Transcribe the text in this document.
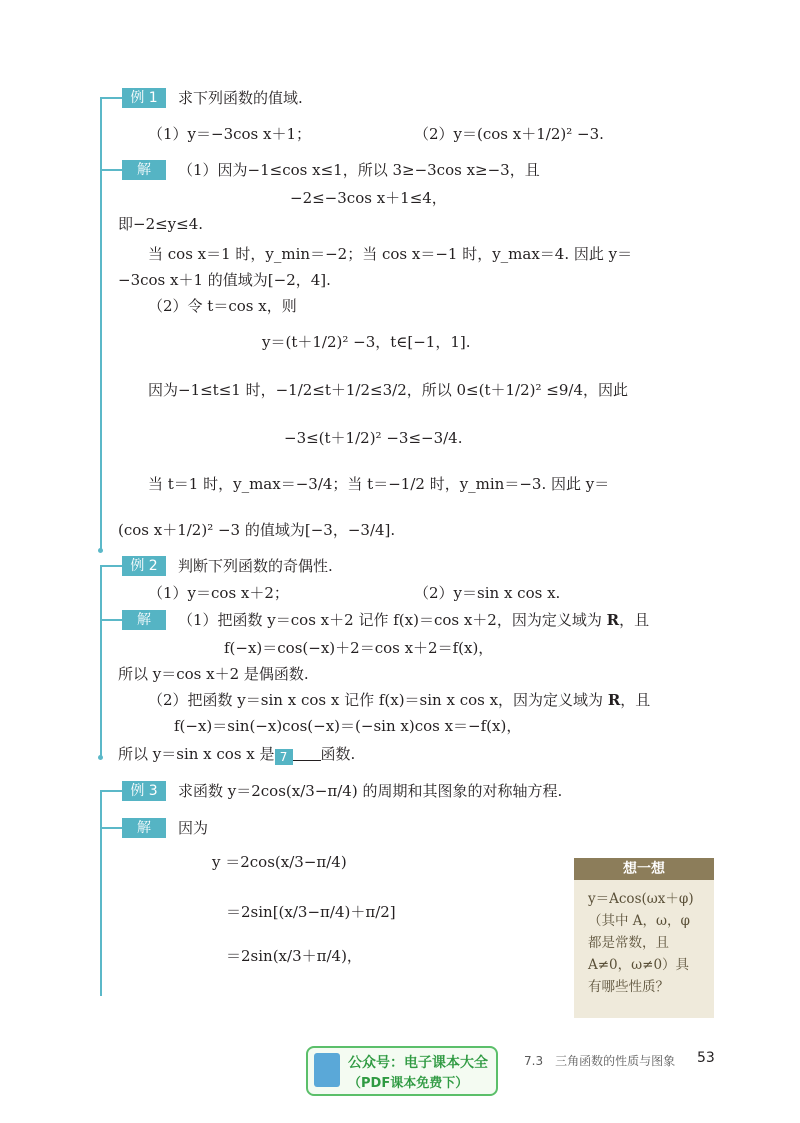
例 1	求下列函数的值域.
（1）y＝−3cos x＋1；	（2）y＝(cos x＋1/2)² −3.
解	（1）因为−1≤cos x≤1，所以 3≥−3cos x≥−3，且
−2≤−3cos x＋1≤4，
即−2≤y≤4.
当 cos x＝1 时，y_min＝−2；当 cos x＝−1 时，y_max＝4. 因此 y＝
−3cos x＋1 的值域为[−2，4].
（2）令 t＝cos x，则
y＝(t＋1/2)² −3，t∈[−1，1].
因为−1≤t≤1 时，−1/2≤t＋1/2≤3/2，所以 0≤(t＋1/2)² ≤9/4，因此
−3≤(t＋1/2)² −3≤−3/4.
当 t＝1 时，y_max＝−3/4；当 t＝−1/2 时，y_min＝−3. 因此 y＝
(cos x＋1/2)² −3 的值域为[−3，−3/4].
例 2	判断下列函数的奇偶性.
（1）y＝cos x＋2；	（2）y＝sin x cos x.
解	（1）把函数 y＝cos x＋2 记作 f(x)＝cos x＋2，因为定义域为 R，且
f(−x)＝cos(−x)＋2＝cos x＋2＝f(x)，
所以 y＝cos x＋2 是偶函数.
（2）把函数 y＝sin x cos x 记作 f(x)＝sin x cos x，因为定义域为 R，且
f(−x)＝sin(−x)cos(−x)＝(−sin x)cos x＝−f(x)，
所以 y＝sin x cos x 是 7 函数.
例 3	求函数 y＝2cos(x/3−π/4) 的周期和其图象的对称轴方程.
解	因为
y ＝2cos(x/3−π/4)
＝2sin[(x/3−π/4)＋π/2]
＝2sin(x/3＋π/4)，
想一想
y＝Acos(ωx＋φ)（其中 A，ω，φ 都是常数，且 A≠0，ω≠0）具有哪些性质？
7.3　三角函数的性质与图象 53
公众号：电子课本大全
（PDF课本免费下）
